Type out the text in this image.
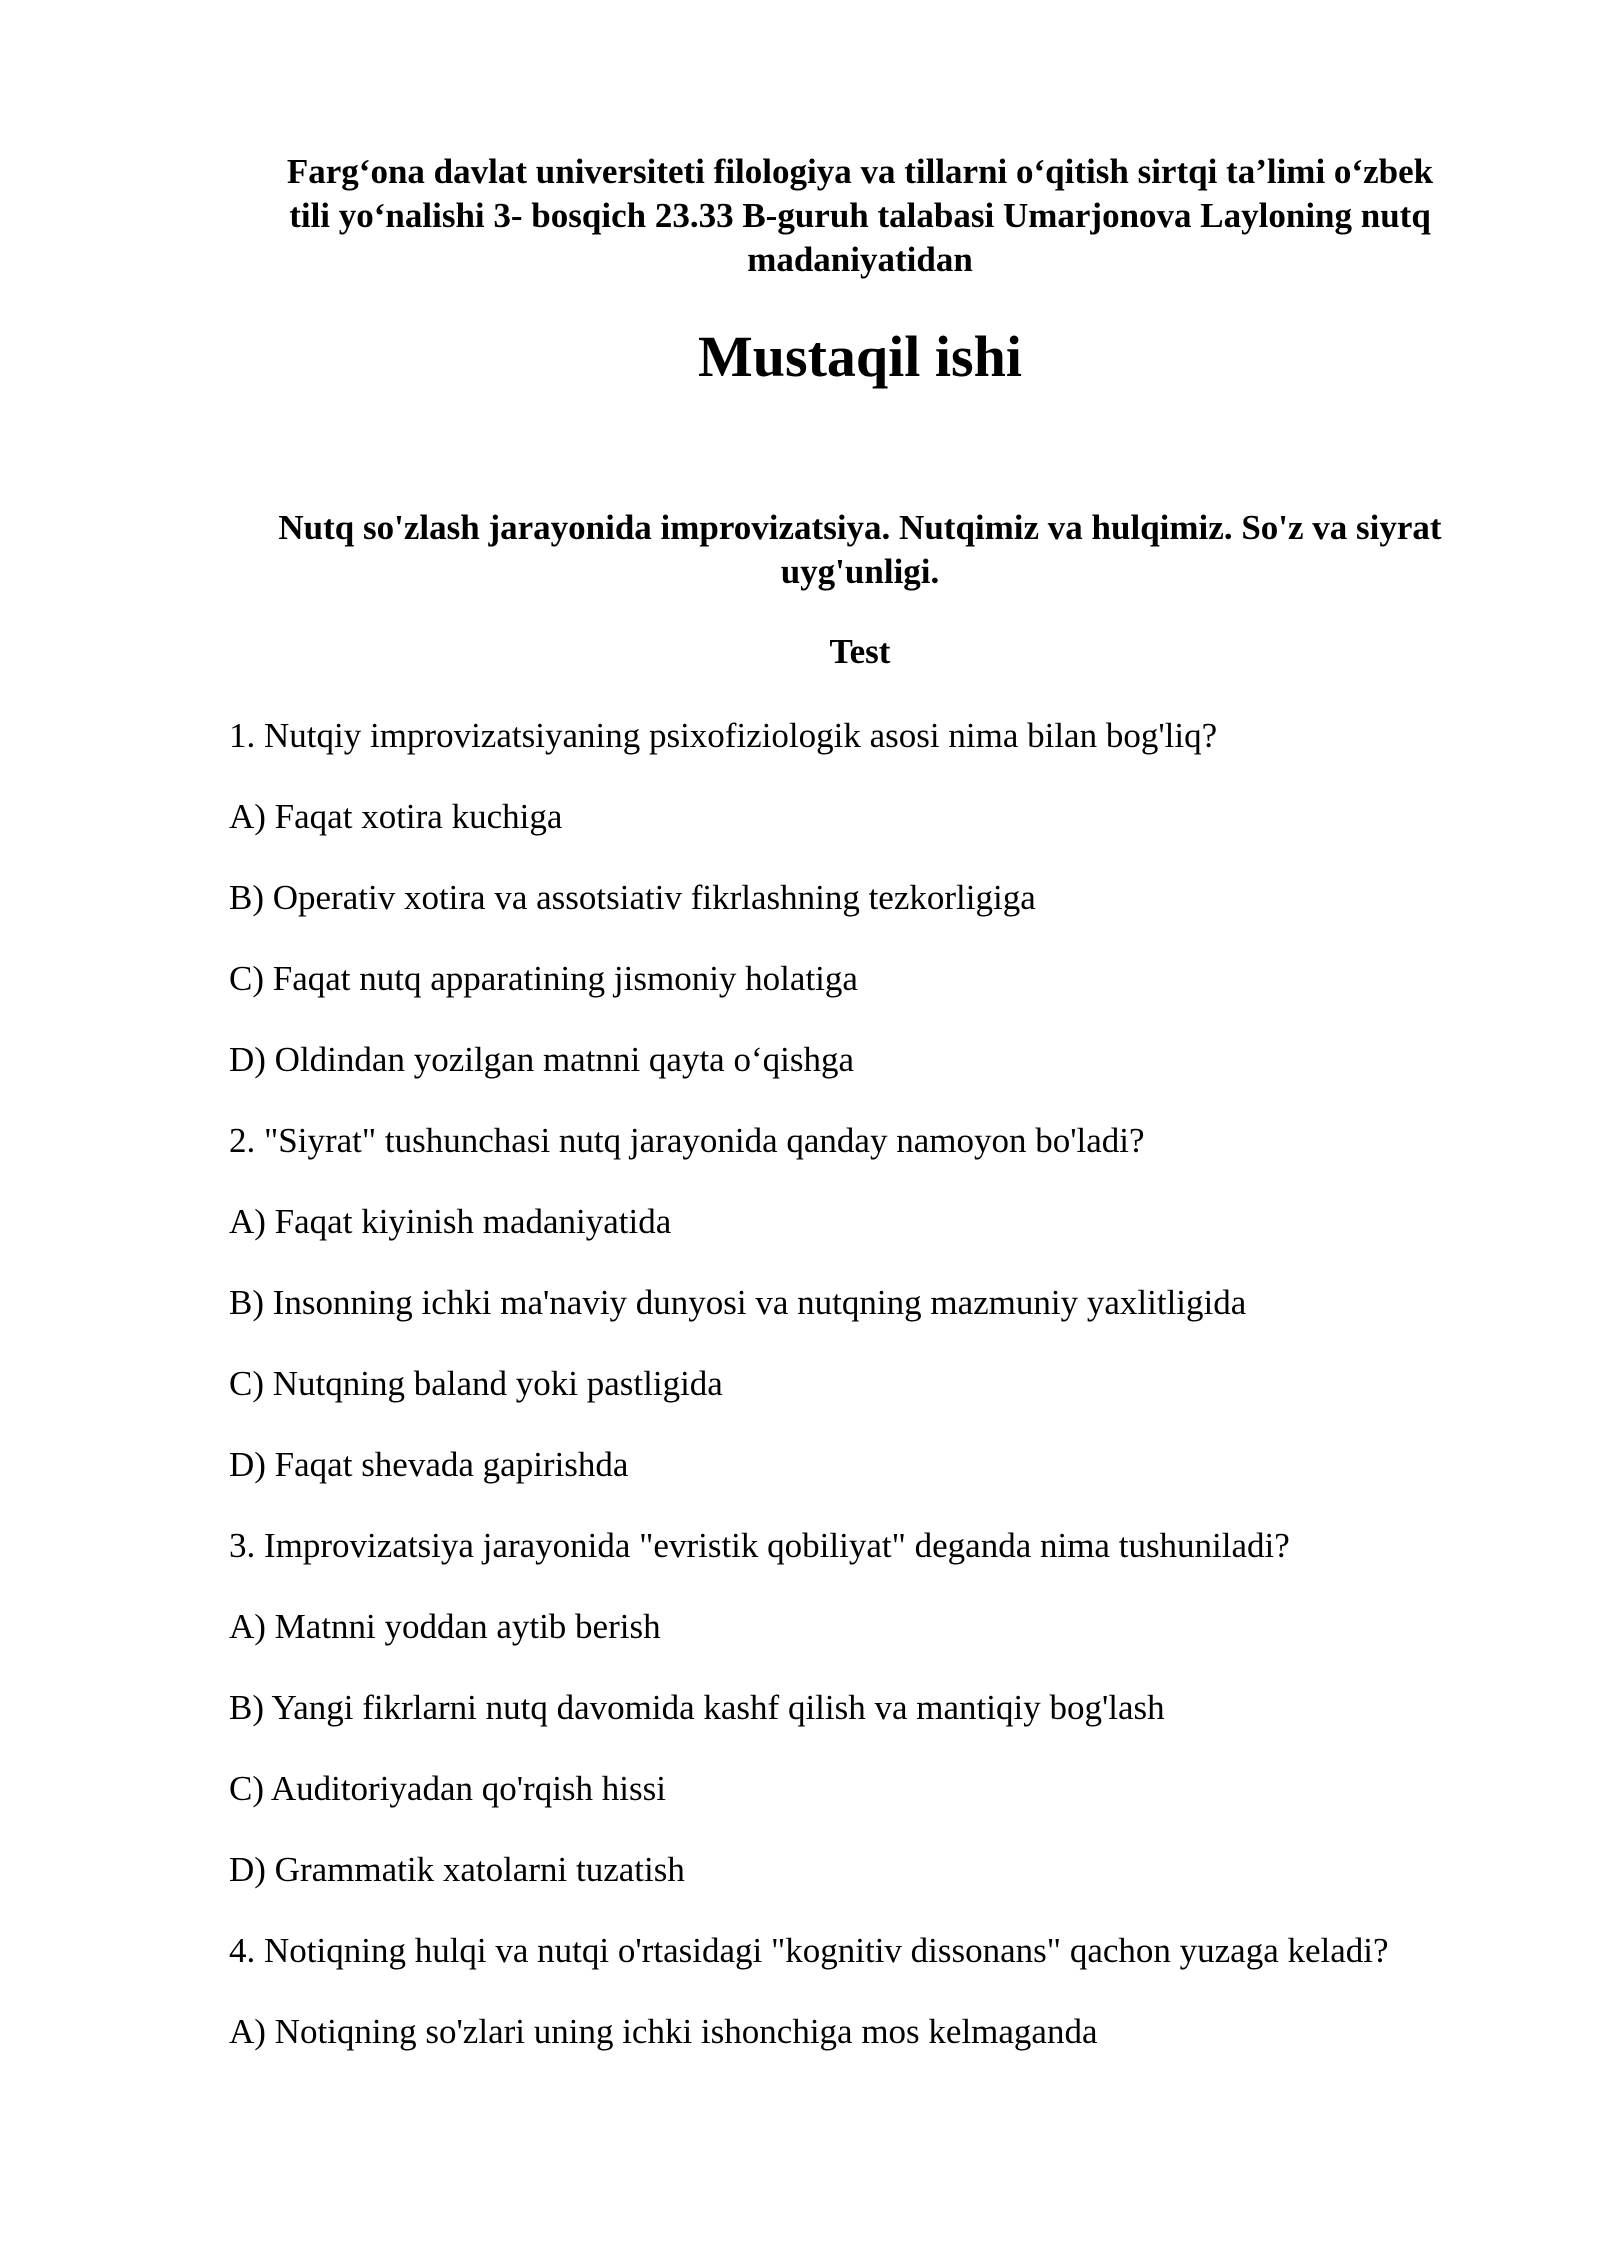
Farg‘ona davlat universiteti filologiya va tillarni o‘qitish sirtqi ta’limi o‘zbek
tili yo‘nalishi 3- bosqich 23.33 B-guruh talabasi Umarjonova Layloning nutq
madaniyatidan
Mustaqil ishi
Nutq so'zlash jarayonida improvizatsiya. Nutqimiz va hulqimiz. So'z va siyrat
uyg'unligi.
Test
1. Nutqiy improvizatsiyaning psixofiziologik asosi nima bilan bog'liq?
A) Faqat xotira kuchiga
B) Operativ xotira va assotsiativ fikrlashning tezkorligiga
C) Faqat nutq apparatining jismoniy holatiga
D) Oldindan yozilgan matnni qayta o‘qishga
2. "Siyrat" tushunchasi nutq jarayonida qanday namoyon bo'ladi?
A) Faqat kiyinish madaniyatida
B) Insonning ichki ma'naviy dunyosi va nutqning mazmuniy yaxlitligida
C) Nutqning baland yoki pastligida
D) Faqat shevada gapirishda
3. Improvizatsiya jarayonida "evristik qobiliyat" deganda nima tushuniladi?
A) Matnni yoddan aytib berish
B) Yangi fikrlarni nutq davomida kashf qilish va mantiqiy bog'lash
C) Auditoriyadan qo'rqish hissi
D) Grammatik xatolarni tuzatish
4. Notiqning hulqi va nutqi o'rtasidagi "kognitiv dissonans" qachon yuzaga keladi?
A) Notiqning so'zlari uning ichki ishonchiga mos kelmaganda
